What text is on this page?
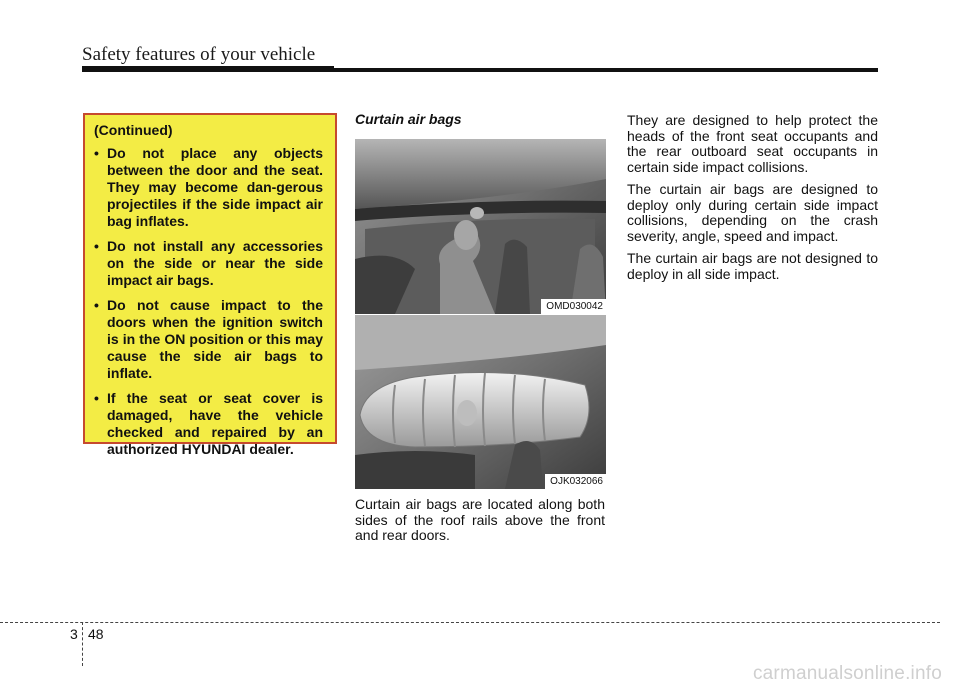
Safety features of your vehicle
(Continued)
• Do not place any objects between the door and the seat. They may become dan-gerous projectiles if the side impact air bag inflates.
• Do not install any accessories on the side or near the side impact air bags.
• Do not cause impact to the doors when the ignition switch is in the ON position or this may cause the side air bags to inflate.
• If the seat or seat cover is damaged, have the vehicle checked and repaired by an authorized HYUNDAI dealer.
Curtain air bags
OMD030042
OJK032066

Curtain air bags are located along both sides of the roof rails above the front and rear doors.

They are designed to help protect the heads of the front seat occupants and the rear outboard seat occupants in certain side impact collisions.

The curtain air bags are designed to deploy only during certain side impact collisions, depending on the crash severity, angle, speed and impact.

The curtain air bags are not designed to deploy in all side impact.

3 48
carmanualsonline.info
